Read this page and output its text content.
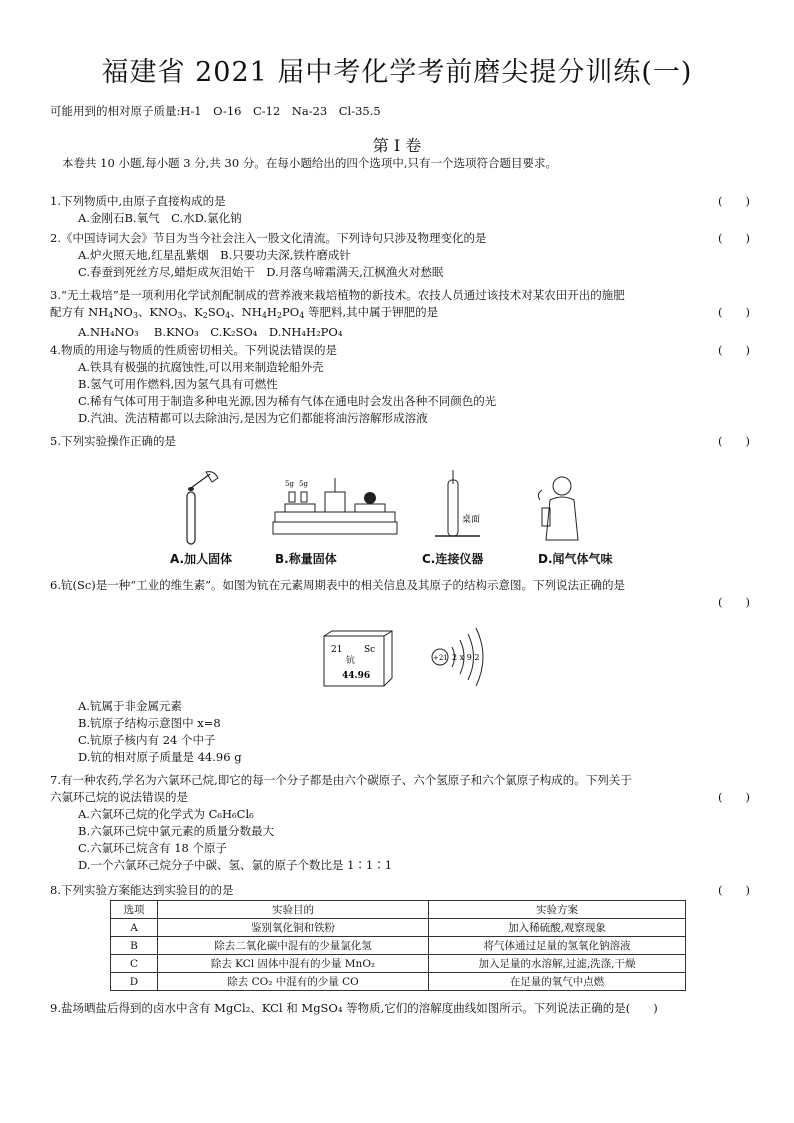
福建省 2021 届中考化学考前磨尖提分训练(一)
可能用到的相对原子质量:H-1　O-16　C-12　Na-23　Cl-35.5
第 I 卷
本卷共 10 小题,每小题 3 分,共 30 分。在每小题给出的四个选项中,只有一个选项符合题目要求。
1.下列物质中,由原子直接构成的是	(　　)
A.金刚石B.氧气　C.水D.氯化钠
2.《中国诗词大会》节目为当今社会注入一股文化清流。下列诗句只涉及物理变化的是	(　　)
A.炉火照天地,红星乱紫烟　B.只要功夫深,铁杵磨成针
C.春蚕到死丝方尽,蜡炬成灰泪始干　D.月落乌啼霜满天,江枫渔火对愁眠
3.“无土栽培”是一项利用化学试剂配制成的营养液来栽培植物的新技术。农技人员通过该技术对某农田开出的施肥
配方有 $NH_4NO_3$、$KNO_3$、$K_2SO_4$、$NH_4H_2PO_4$ 等肥料,其中属于钾肥的是	(　　)
A.NH₄NO₃　 B.KNO₃　C.K₂SO₄　D.NH₄H₂PO₄
4.物质的用途与物质的性质密切相关。下列说法错误的是	(　　)
A.铁具有极强的抗腐蚀性,可以用来制造轮船外壳
B.氢气可用作燃料,因为氢气具有可燃性
C.稀有气体可用于制造多种电光源,因为稀有气体在通电时会发出各种不同颜色的光
D.汽油、洗洁精都可以去除油污,是因为它们都能将油污溶解形成溶液
5.下列实验操作正确的是	(　　)
A.加人固体
5g 5g
B.称量固体
桌面
C.连接仪器	D.闻气体气味
6.钪(Sc)是一种“工业的维生素”。如图为钪在元素周期表中的相关信息及其原子的结构示意图。下列说法正确的是
(　　)
21 Sc
钪
44.96
+21 2 x 9 2
A.钪属于非金属元素
B.钪原子结构示意图中 x=8
C.钪原子核内有 24 个中子
D.钪的相对原子质量是 44.96 g
7.有一种农药,学名为六氯环己烷,即它的每一个分子都是由六个碳原子、六个氢原子和六个氯原子构成的。下列关于
六氯环己烷的说法错误的是	(　　)
A.六氯环己烷的化学式为 C₆H₆Cl₆
B.六氯环己烷中氯元素的质量分数最大
C.六氯环己烷含有 18 个原子
D.一个六氯环己烷分子中碳、氢、氯的原子个数比是 1∶1∶1
8.下列实验方案能达到实验目的的是	(　　)
选项	实验目的	实验方案
A	鉴别氧化铜和铁粉	加入稀硫酸,观察现象
B	除去二氧化碳中混有的少量氯化氢	将气体通过足量的氢氧化钠溶液
C	除去 KCl 固体中混有的少量 MnO₂	加入足量的水溶解,过滤,洗涤,干燥
D	除去 CO₂ 中混有的少量 CO	在足量的氧气中点燃
9.盐场晒盐后得到的卤水中含有 MgCl₂、KCl 和 MgSO₄ 等物质,它们的溶解度曲线如图所示。下列说法正确的是(　　)
